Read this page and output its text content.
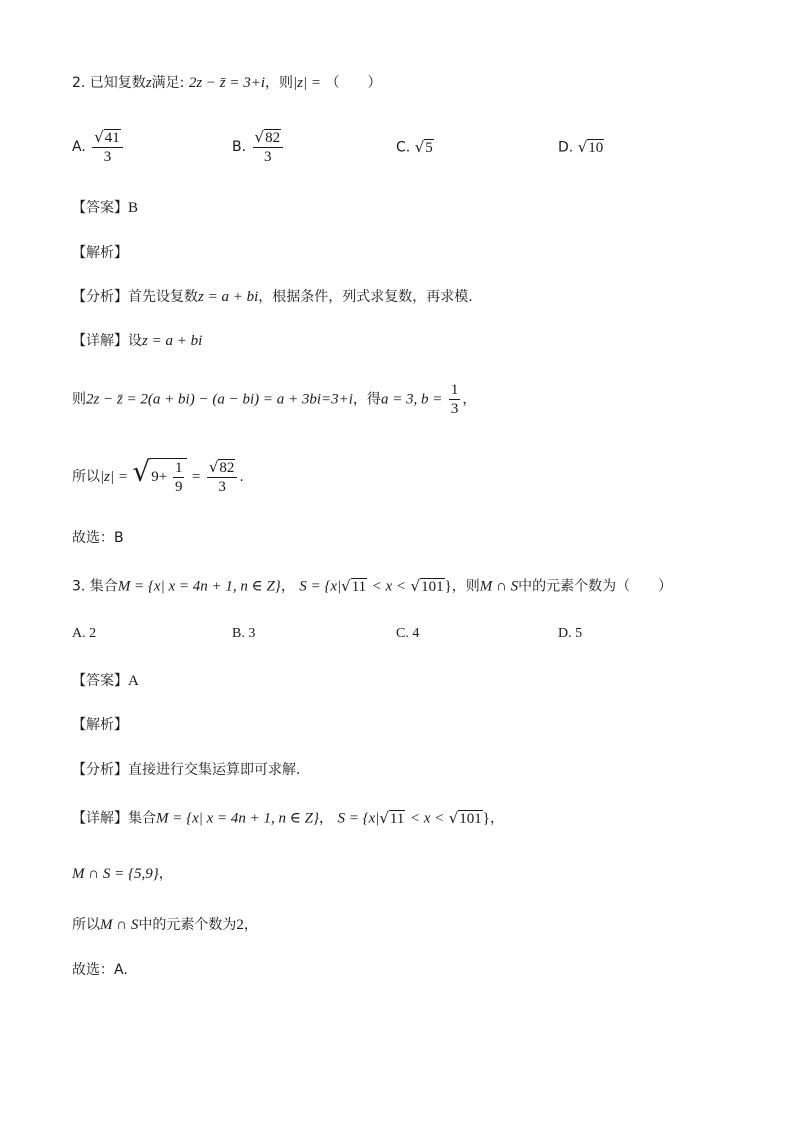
2. 已知复数z满足: 2z − z̄ = 3+i，则|z| = （　　）
A. $\frac{√41}{3}$	B. $\frac{√82}{3}$	C. √5	D. √10
【答案】B
【解析】
【分析】首先设复数z = a + bi，根据条件，列式求复数，再求模.
【详解】设z = a + bi
则2z − z̄ = 2(a + bi) − (a − bi) = a + 3bi=3+i，得a = 3, $b = \frac{1}{3}$ ，
所以$|z| = √9+ \frac{1}{9} = \frac{√82}{3}$ .
故选：B
3. 集合M = {x| x = 4n + 1, n ∈ Z}， S = {x|√11 < x < √101}，则M ∩ S中的元素个数为（　　）
A. 2	B. 3	C. 4	D. 5
【答案】A
【解析】
【分析】直接进行交集运算即可求解.
【详解】集合M = {x| x = 4n + 1, n ∈ Z}， S = {x|√11 < x < √101}，
M ∩ S = {5,9}，
所以M ∩ S中的元素个数为2，
故选：A.
